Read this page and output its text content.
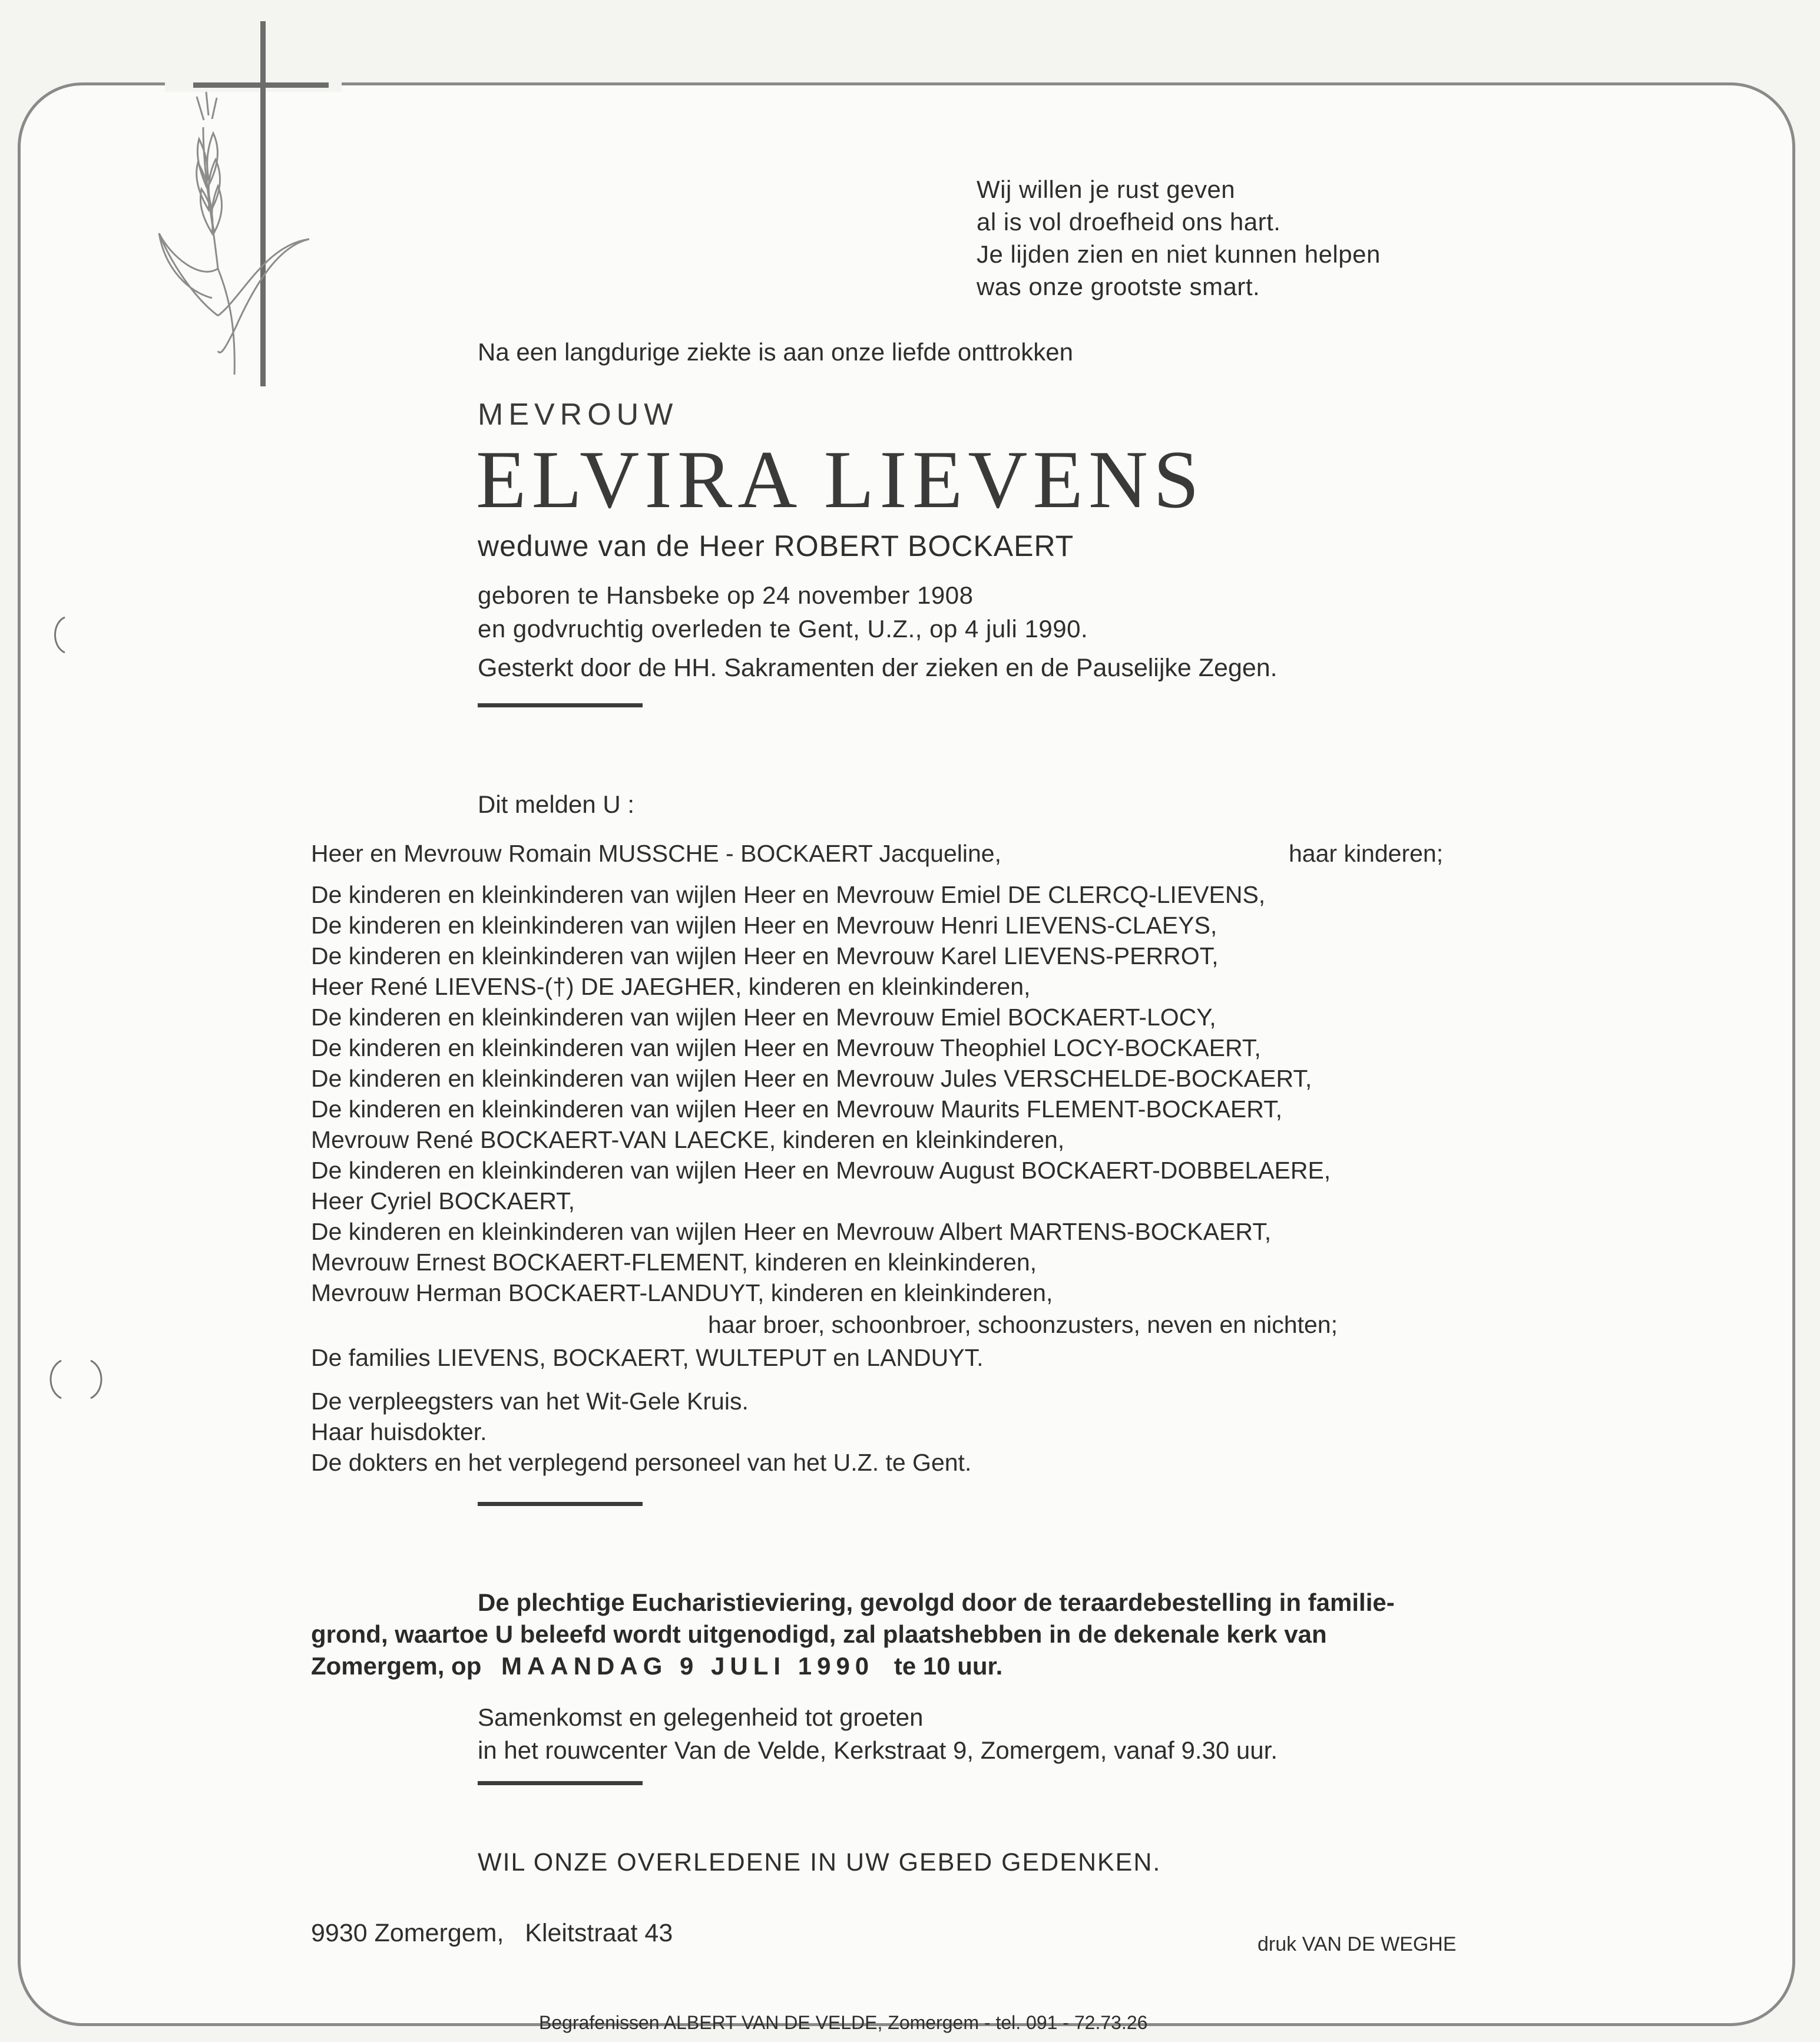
Wij willen je rust geven
al is vol droefheid ons hart.
Je lijden zien en niet kunnen helpen
was onze grootste smart.
Na een langdurige ziekte is aan onze liefde onttrokken
MEVROUW
ELVIRA LIEVENS
weduwe van de Heer ROBERT BOCKAERT
geboren te Hansbeke op 24 november 1908
en godvruchtig overleden te Gent, U.Z., op 4 juli 1990.
Gesterkt door de HH. Sakramenten der zieken en de Pauselijke Zegen.
Dit melden U :
Heer en Mevrouw Romain MUSSCHE - BOCKAERT Jacqueline,	haar kinderen;
De kinderen en kleinkinderen van wijlen Heer en Mevrouw Emiel DE CLERCQ-LIEVENS,
De kinderen en kleinkinderen van wijlen Heer en Mevrouw Henri LIEVENS-CLAEYS,
De kinderen en kleinkinderen van wijlen Heer en Mevrouw Karel LIEVENS-PERROT,
Heer René LIEVENS-(†) DE JAEGHER, kinderen en kleinkinderen,
De kinderen en kleinkinderen van wijlen Heer en Mevrouw Emiel BOCKAERT-LOCY,
De kinderen en kleinkinderen van wijlen Heer en Mevrouw Theophiel LOCY-BOCKAERT,
De kinderen en kleinkinderen van wijlen Heer en Mevrouw Jules VERSCHELDE-BOCKAERT,
De kinderen en kleinkinderen van wijlen Heer en Mevrouw Maurits FLEMENT-BOCKAERT,
Mevrouw René BOCKAERT-VAN LAECKE, kinderen en kleinkinderen,
De kinderen en kleinkinderen van wijlen Heer en Mevrouw August BOCKAERT-DOBBELAERE,
Heer Cyriel BOCKAERT,
De kinderen en kleinkinderen van wijlen Heer en Mevrouw Albert MARTENS-BOCKAERT,
Mevrouw Ernest BOCKAERT-FLEMENT, kinderen en kleinkinderen,
Mevrouw Herman BOCKAERT-LANDUYT, kinderen en kleinkinderen,
haar broer, schoonbroer, schoonzusters, neven en nichten;
De families LIEVENS, BOCKAERT, WULTEPUT en LANDUYT.
De verpleegsters van het Wit-Gele Kruis.
Haar huisdokter.
De dokters en het verplegend personeel van het U.Z. te Gent.
De plechtige Eucharistieviering, gevolgd door de teraardebestelling in familie-
grond, waartoe U beleefd wordt uitgenodigd, zal plaatshebben in de dekenale kerk van
Zomergem, op MAANDAG 9 JULI 1990 te 10 uur.
Samenkomst en gelegenheid tot groeten
in het rouwcenter Van de Velde, Kerkstraat 9, Zomergem, vanaf 9.30 uur.
WIL ONZE OVERLEDENE IN UW GEBED GEDENKEN.
9930 Zomergem,   Kleitstraat 43	druk VAN DE WEGHE
Begrafenissen ALBERT VAN DE VELDE, Zomergem - tel. 091 - 72.73.26
